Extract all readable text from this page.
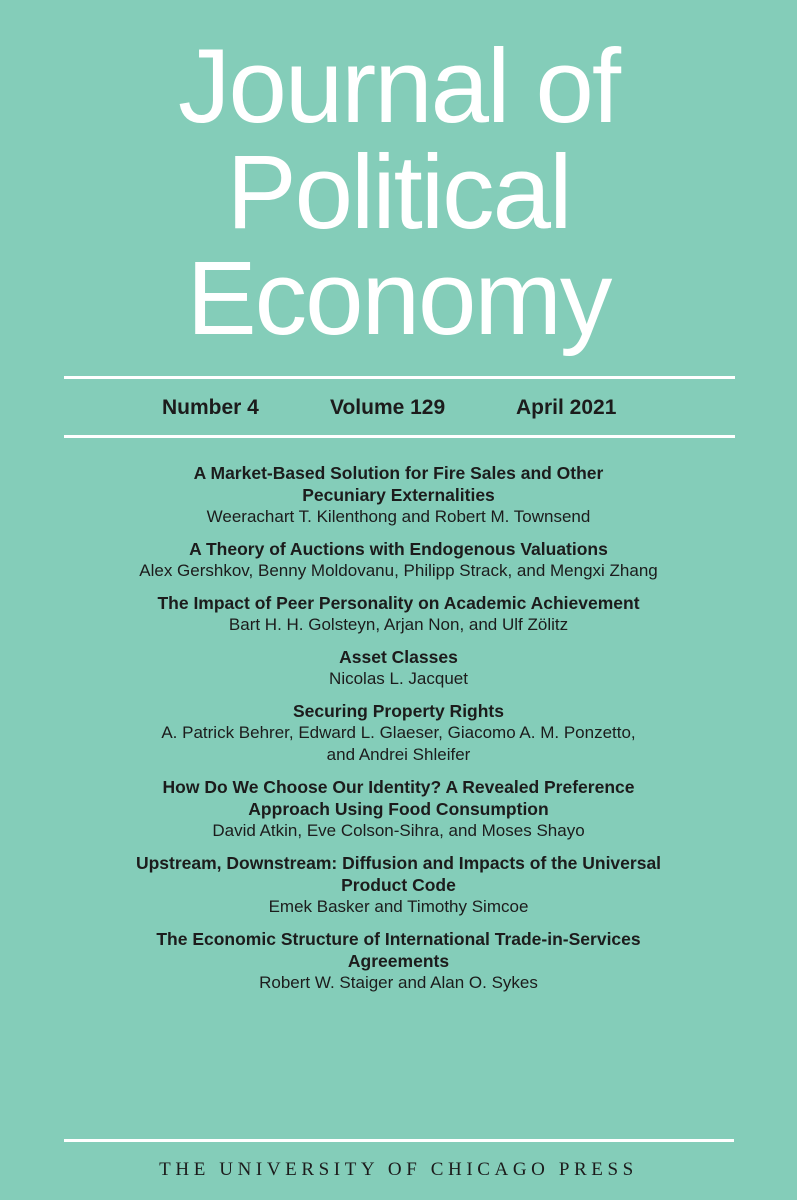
Journal of
Political
Economy
Number 4	Volume 129	April 2021
A Market-Based Solution for Fire Sales and Other
Pecuniary Externalities
Weerachart T. Kilenthong and Robert M. Townsend
A Theory of Auctions with Endogenous Valuations
Alex Gershkov, Benny Moldovanu, Philipp Strack, and Mengxi Zhang
The Impact of Peer Personality on Academic Achievement
Bart H. H. Golsteyn, Arjan Non, and Ulf Zölitz
Asset Classes
Nicolas L. Jacquet
Securing Property Rights
A. Patrick Behrer, Edward L. Glaeser, Giacomo A. M. Ponzetto,
and Andrei Shleifer
How Do We Choose Our Identity? A Revealed Preference
Approach Using Food Consumption
David Atkin, Eve Colson-Sihra, and Moses Shayo
Upstream, Downstream: Diffusion and Impacts of the Universal
Product Code
Emek Basker and Timothy Simcoe
The Economic Structure of International Trade-in-Services
Agreements
Robert W. Staiger and Alan O. Sykes
THE UNIVERSITY OF CHICAGO PRESS
